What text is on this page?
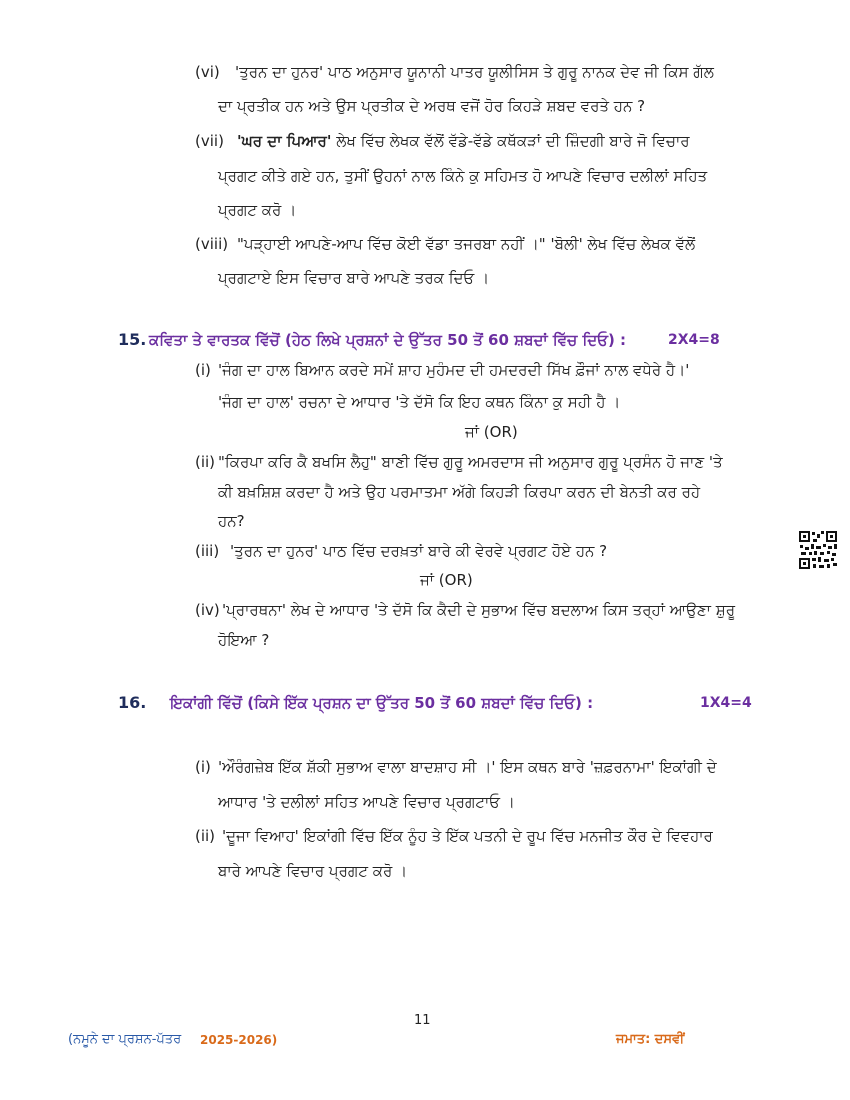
(vi) 'ਤੁਰਨ ਦਾ ਹੁਨਰ' ਪਾਠ ਅਨੁਸਾਰ ਯੂਨਾਨੀ ਪਾਤਰ ਯੂਲੀਸਿਸ ਤੇ ਗੁਰੂ ਨਾਨਕ ਦੇਵ ਜੀ ਕਿਸ ਗੱਲ
ਦਾ ਪ੍ਰਤੀਕ ਹਨ ਅਤੇ ਉਸ ਪ੍ਰਤੀਕ ਦੇ ਅਰਥ ਵਜੋਂ ਹੋਰ ਕਿਹੜੇ ਸ਼ਬਦ ਵਰਤੇ ਹਨ ?
(vii) 'ਘਰ ਦਾ ਪਿਆਰ' ਲੇਖ ਵਿੱਚ ਲੇਖਕ ਵੱਲੋਂ ਵੱਡੇ-ਵੱਡੇ ਕਥੱਕੜਾਂ ਦੀ ਜ਼ਿੰਦਗੀ ਬਾਰੇ ਜੋ ਵਿਚਾਰ
ਪ੍ਰਗਟ ਕੀਤੇ ਗਏ ਹਨ, ਤੁਸੀਂ ਉਹਨਾਂ ਨਾਲ ਕਿੰਨੇ ਕੁ ਸਹਿਮਤ ਹੋ ਆਪਣੇ ਵਿਚਾਰ ਦਲੀਲਾਂ ਸਹਿਤ
ਪ੍ਰਗਟ ਕਰੋ ।
(viii) "ਪੜ੍ਹਾਈ ਆਪਣੇ-ਆਪ ਵਿੱਚ ਕੋਈ ਵੱਡਾ ਤਜਰਬਾ ਨਹੀਂ ।" 'ਬੋਲੀ' ਲੇਖ ਵਿੱਚ ਲੇਖਕ ਵੱਲੋਂ
ਪ੍ਰਗਟਾਏ ਇਸ ਵਿਚਾਰ ਬਾਰੇ ਆਪਣੇ ਤਰਕ ਦਿਓ ।
15. ਕਵਿਤਾ ਤੇ ਵਾਰਤਕ ਵਿੱਚੋਂ (ਹੇਠ ਲਿਖੇ ਪ੍ਰਸ਼ਨਾਂ ਦੇ ਉੱਤਰ 50 ਤੋਂ 60 ਸ਼ਬਦਾਂ ਵਿੱਚ ਦਿਓ) :	2X4=8
(i) 'ਜੰਗ ਦਾ ਹਾਲ ਬਿਆਨ ਕਰਦੇ ਸਮੇਂ ਸ਼ਾਹ ਮੁਹੰਮਦ ਦੀ ਹਮਦਰਦੀ ਸਿੱਖ ਫ਼ੌਜਾਂ ਨਾਲ ਵਧੇਰੇ ਹੈ।'
'ਜੰਗ ਦਾ ਹਾਲ' ਰਚਨਾ ਦੇ ਆਧਾਰ 'ਤੇ ਦੱਸੋ ਕਿ ਇਹ ਕਥਨ ਕਿੰਨਾ ਕੁ ਸਹੀ ਹੈ ।
ਜਾਂ (OR)
(ii) "ਕਿਰਪਾ ਕਰਿ ਕੈ ਬਖਸਿ ਲੈਹੁ" ਬਾਣੀ ਵਿੱਚ ਗੁਰੂ ਅਮਰਦਾਸ ਜੀ ਅਨੁਸਾਰ ਗੁਰੂ ਪ੍ਰਸੰਨ ਹੋ ਜਾਣ 'ਤੇ
ਕੀ ਬਖ਼ਸ਼ਿਸ਼ ਕਰਦਾ ਹੈ ਅਤੇ ਉਹ ਪਰਮਾਤਮਾ ਅੱਗੇ ਕਿਹੜੀ ਕਿਰਪਾ ਕਰਨ ਦੀ ਬੇਨਤੀ ਕਰ ਰਹੇ
ਹਨ?
(iii) 'ਤੁਰਨ ਦਾ ਹੁਨਰ' ਪਾਠ ਵਿੱਚ ਦਰਖ਼ਤਾਂ ਬਾਰੇ ਕੀ ਵੇਰਵੇ ਪ੍ਰਗਟ ਹੋਏ ਹਨ ?
ਜਾਂ (OR)
(iv) 'ਪ੍ਰਾਰਥਨਾ' ਲੇਖ ਦੇ ਆਧਾਰ 'ਤੇ ਦੱਸੋ ਕਿ ਕੈਦੀ ਦੇ ਸੁਭਾਅ ਵਿੱਚ ਬਦਲਾਅ ਕਿਸ ਤਰ੍ਹਾਂ ਆਉਣਾ ਸ਼ੁਰੂ
ਹੋਇਆ ?
16. ਇਕਾਂਗੀ ਵਿੱਚੋਂ (ਕਿਸੇ ਇੱਕ ਪ੍ਰਸ਼ਨ ਦਾ ਉੱਤਰ 50 ਤੋਂ 60 ਸ਼ਬਦਾਂ ਵਿੱਚ ਦਿਓ) :	1X4=4
(i) 'ਔਰੰਗਜ਼ੇਬ ਇੱਕ ਸ਼ੱਕੀ ਸੁਭਾਅ ਵਾਲਾ ਬਾਦਸ਼ਾਹ ਸੀ ।' ਇਸ ਕਥਨ ਬਾਰੇ 'ਜ਼ਫ਼ਰਨਾਮਾ' ਇਕਾਂਗੀ ਦੇ
ਆਧਾਰ 'ਤੇ ਦਲੀਲਾਂ ਸਹਿਤ ਆਪਣੇ ਵਿਚਾਰ ਪ੍ਰਗਟਾਓ ।
(ii) 'ਦੂਜਾ ਵਿਆਹ' ਇਕਾਂਗੀ ਵਿੱਚ ਇੱਕ ਨੂੰਹ ਤੇ ਇੱਕ ਪਤਨੀ ਦੇ ਰੂਪ ਵਿੱਚ ਮਨਜੀਤ ਕੌਰ ਦੇ ਵਿਵਹਾਰ
ਬਾਰੇ ਆਪਣੇ ਵਿਚਾਰ ਪ੍ਰਗਟ ਕਰੋ ।
11
(ਨਮੂਨੇ ਦਾ ਪ੍ਰਸ਼ਨ-ਪੱਤਰ 2025-2026)	ਜਮਾਤ: ਦਸਵੀਂ
